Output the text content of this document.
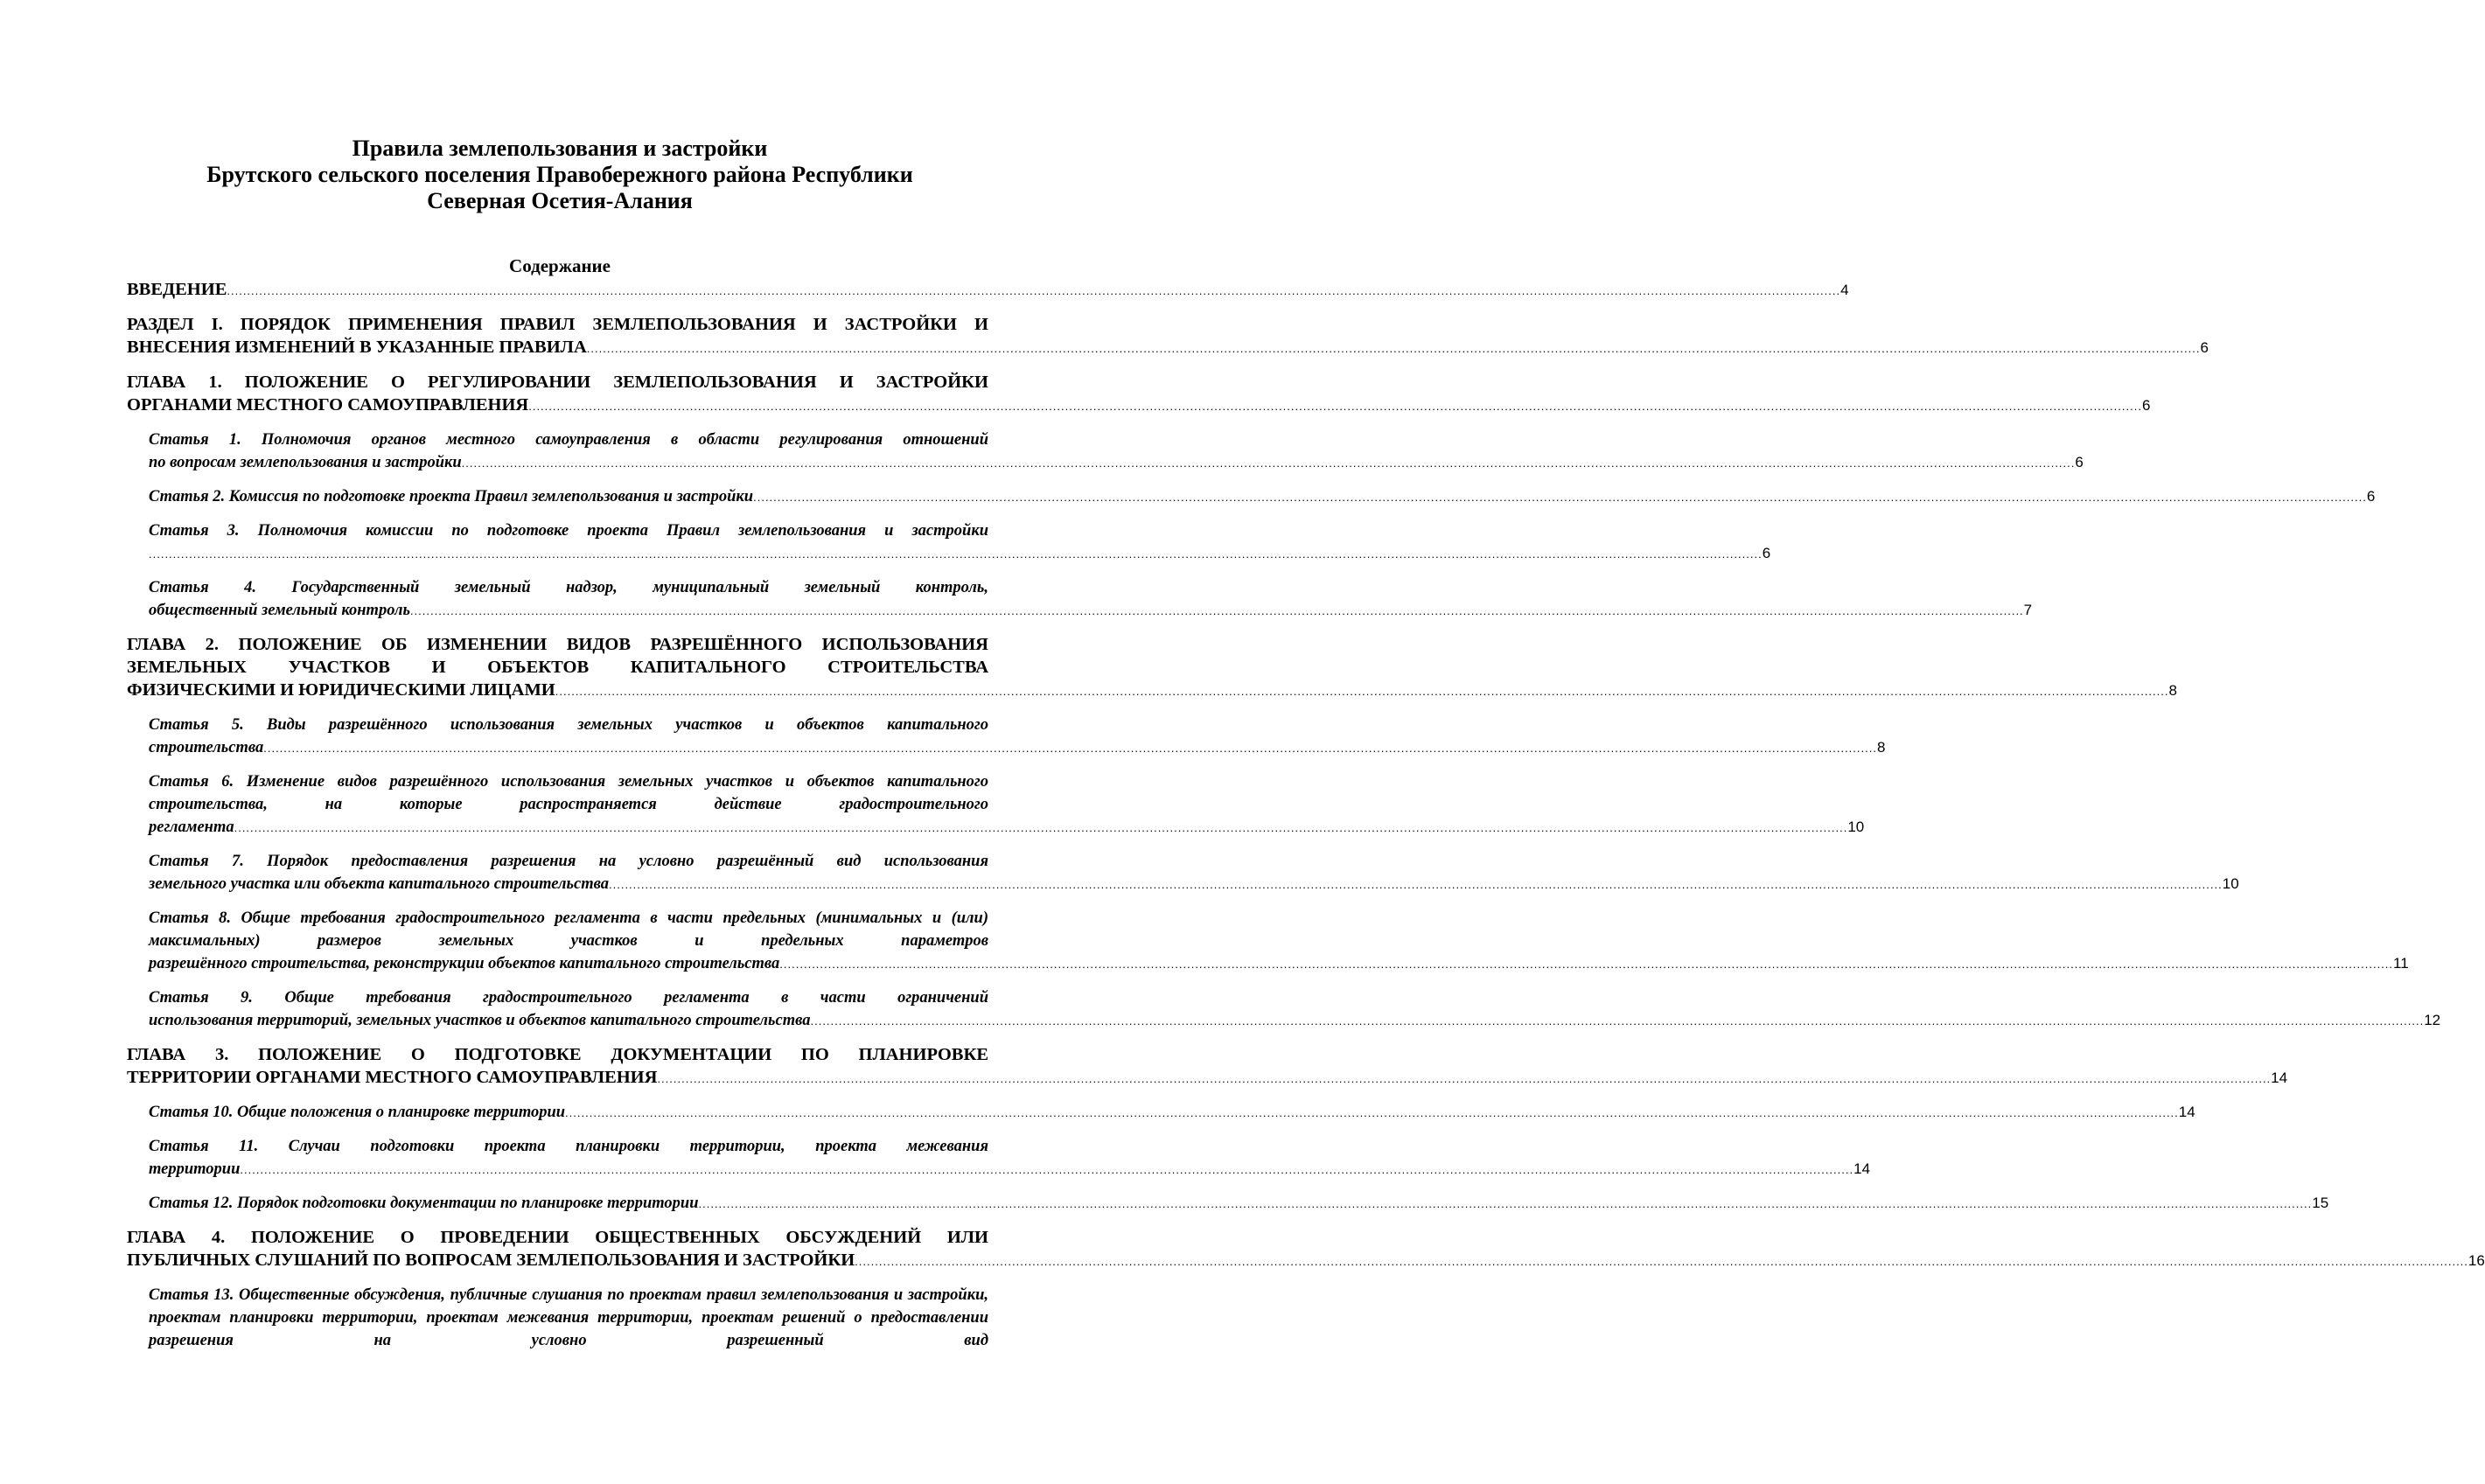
Правила землепользования и застройки
Брутского сельского поселения Правобережного района Республики
Северная Осетия-Алания
Содержание
ВВЕДЕНИЕ ................................................................................................................................................................................................................................................................................................................................................................................................................ 4
РАЗДЕЛ I. ПОРЯДОК ПРИМЕНЕНИЯ ПРАВИЛ ЗЕМЛЕПОЛЬЗОВАНИЯ И ЗАСТРОЙКИ И
ВНЕСЕНИЯ ИЗМЕНЕНИЙ В УКАЗАННЫЕ ПРАВИЛА ................................................................................................................................................................................................................................................................................................................................................................................................................ 6
ГЛАВА 1. ПОЛОЖЕНИЕ О РЕГУЛИРОВАНИИ ЗЕМЛЕПОЛЬЗОВАНИЯ И ЗАСТРОЙКИ
ОРГАНАМИ МЕСТНОГО САМОУПРАВЛЕНИЯ ................................................................................................................................................................................................................................................................................................................................................................................................................ 6
Статья 1. Полномочия органов местного самоуправления в области регулирования отношений
по вопросам землепользования и застройки ................................................................................................................................................................................................................................................................................................................................................................................................................ 6
Статья 2. Комиссия по подготовке проекта Правил землепользования и застройки ................................................................................................................................................................................................................................................................................................................................................................................................................ 6
Статья 3. Полномочия комиссии по подготовке проекта Правил землепользования и застройки
................................................................................................................................................................................................................................................................................................................................................................................................................ 6
Статья 4. Государственный земельный надзор, муниципальный земельный контроль,
общественный земельный контроль ................................................................................................................................................................................................................................................................................................................................................................................................................ 7
ГЛАВА 2. ПОЛОЖЕНИЕ ОБ ИЗМЕНЕНИИ ВИДОВ РАЗРЕШЁННОГО ИСПОЛЬЗОВАНИЯ ЗЕМЕЛЬНЫХ УЧАСТКОВ И ОБЪЕКТОВ КАПИТАЛЬНОГО СТРОИТЕЛЬСТВА
ФИЗИЧЕСКИМИ И ЮРИДИЧЕСКИМИ ЛИЦАМИ ................................................................................................................................................................................................................................................................................................................................................................................................................ 8
Статья 5. Виды разрешённого использования земельных участков и объектов капитального
строительства ................................................................................................................................................................................................................................................................................................................................................................................................................ 8
Статья 6. Изменение видов разрешённого использования земельных участков и объектов капитального строительства, на которые распространяется действие градостроительного
регламента ................................................................................................................................................................................................................................................................................................................................................................................................................ 10
Статья 7. Порядок предоставления разрешения на условно разрешённый вид использования
земельного участка или объекта капитального строительства ................................................................................................................................................................................................................................................................................................................................................................................................................ 10
Статья 8. Общие требования градостроительного регламента в части предельных (минимальных и (или) максимальных) размеров земельных участков и предельных параметров
разрешённого строительства, реконструкции объектов капитального строительства ................................................................................................................................................................................................................................................................................................................................................................................................................ 11
Статья 9. Общие требования градостроительного регламента в части ограничений
использования территорий, земельных участков и объектов капитального строительства ................................................................................................................................................................................................................................................................................................................................................................................................................ 12
ГЛАВА 3. ПОЛОЖЕНИЕ О ПОДГОТОВКЕ ДОКУМЕНТАЦИИ ПО ПЛАНИРОВКЕ
ТЕРРИТОРИИ ОРГАНАМИ МЕСТНОГО САМОУПРАВЛЕНИЯ ................................................................................................................................................................................................................................................................................................................................................................................................................ 14
Статья 10. Общие положения о планировке территории ................................................................................................................................................................................................................................................................................................................................................................................................................ 14
Статья 11. Случаи подготовки проекта планировки территории, проекта межевания
территории ................................................................................................................................................................................................................................................................................................................................................................................................................ 14
Статья 12. Порядок подготовки документации по планировке территории ................................................................................................................................................................................................................................................................................................................................................................................................................ 15
ГЛАВА 4. ПОЛОЖЕНИЕ О ПРОВЕДЕНИИ ОБЩЕСТВЕННЫХ ОБСУЖДЕНИЙ ИЛИ
ПУБЛИЧНЫХ СЛУШАНИЙ ПО ВОПРОСАМ ЗЕМЛЕПОЛЬЗОВАНИЯ И ЗАСТРОЙКИ ................................................................................................................................................................................................................................................................................................................................................................................................................ 16
Статья 13. Общественные обсуждения, публичные слушания по проектам правил землепользования и застройки, проектам планировки территории, проектам межевания территории, проектам решений о предоставлении разрешения на условно разрешенный вид
